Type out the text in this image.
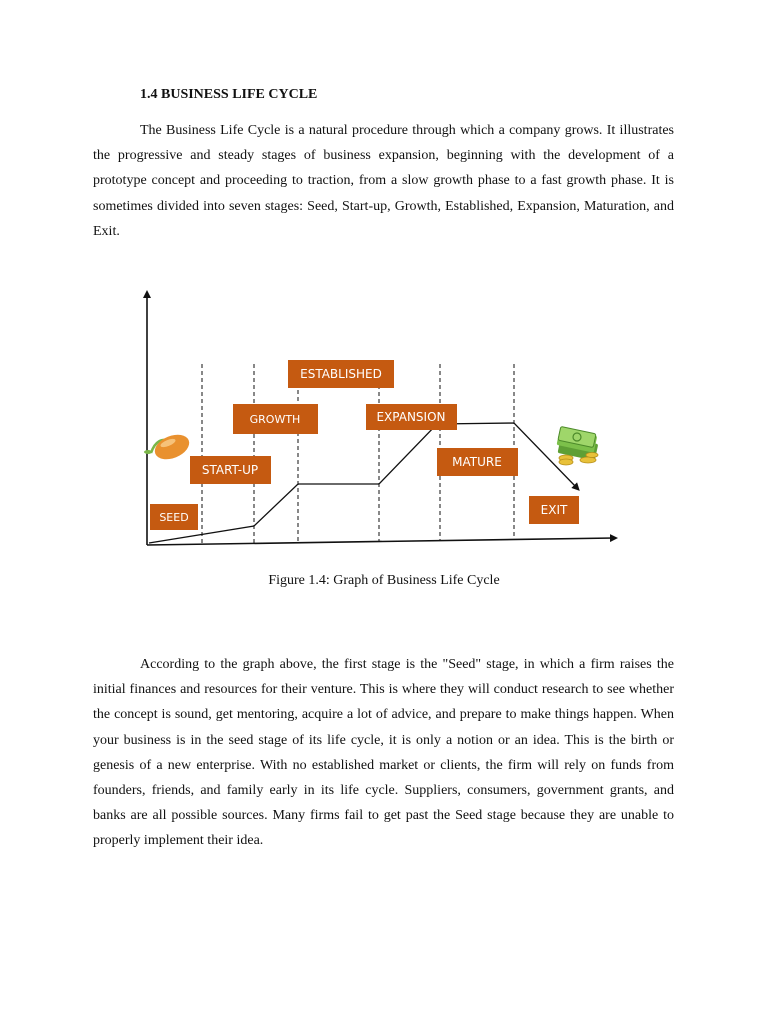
1.4 BUSINESS LIFE CYCLE

The Business Life Cycle is a natural procedure through which a company grows. It illustrates the progressive and steady stages of business expansion, beginning with the development of a prototype concept and proceeding to traction, from a slow growth phase to a fast growth phase. It is sometimes divided into seven stages: Seed, Start-up, Growth, Established, Expansion, Maturation, and Exit.

SEED
START-UP
GROWTH
ESTABLISHED
EXPANSION
MATURE
EXIT

Figure 1.4: Graph of Business Life Cycle

According to the graph above, the first stage is the "Seed" stage, in which a firm raises the initial finances and resources for their venture. This is where they will conduct research to see whether the concept is sound, get mentoring, acquire a lot of advice, and prepare to make things happen. When your business is in the seed stage of its life cycle, it is only a notion or an idea. This is the birth or genesis of a new enterprise. With no established market or clients, the firm will rely on funds from founders, friends, and family early in its life cycle. Suppliers, consumers, government grants, and banks are all possible sources. Many firms fail to get past the Seed stage because they are unable to properly implement their idea.
